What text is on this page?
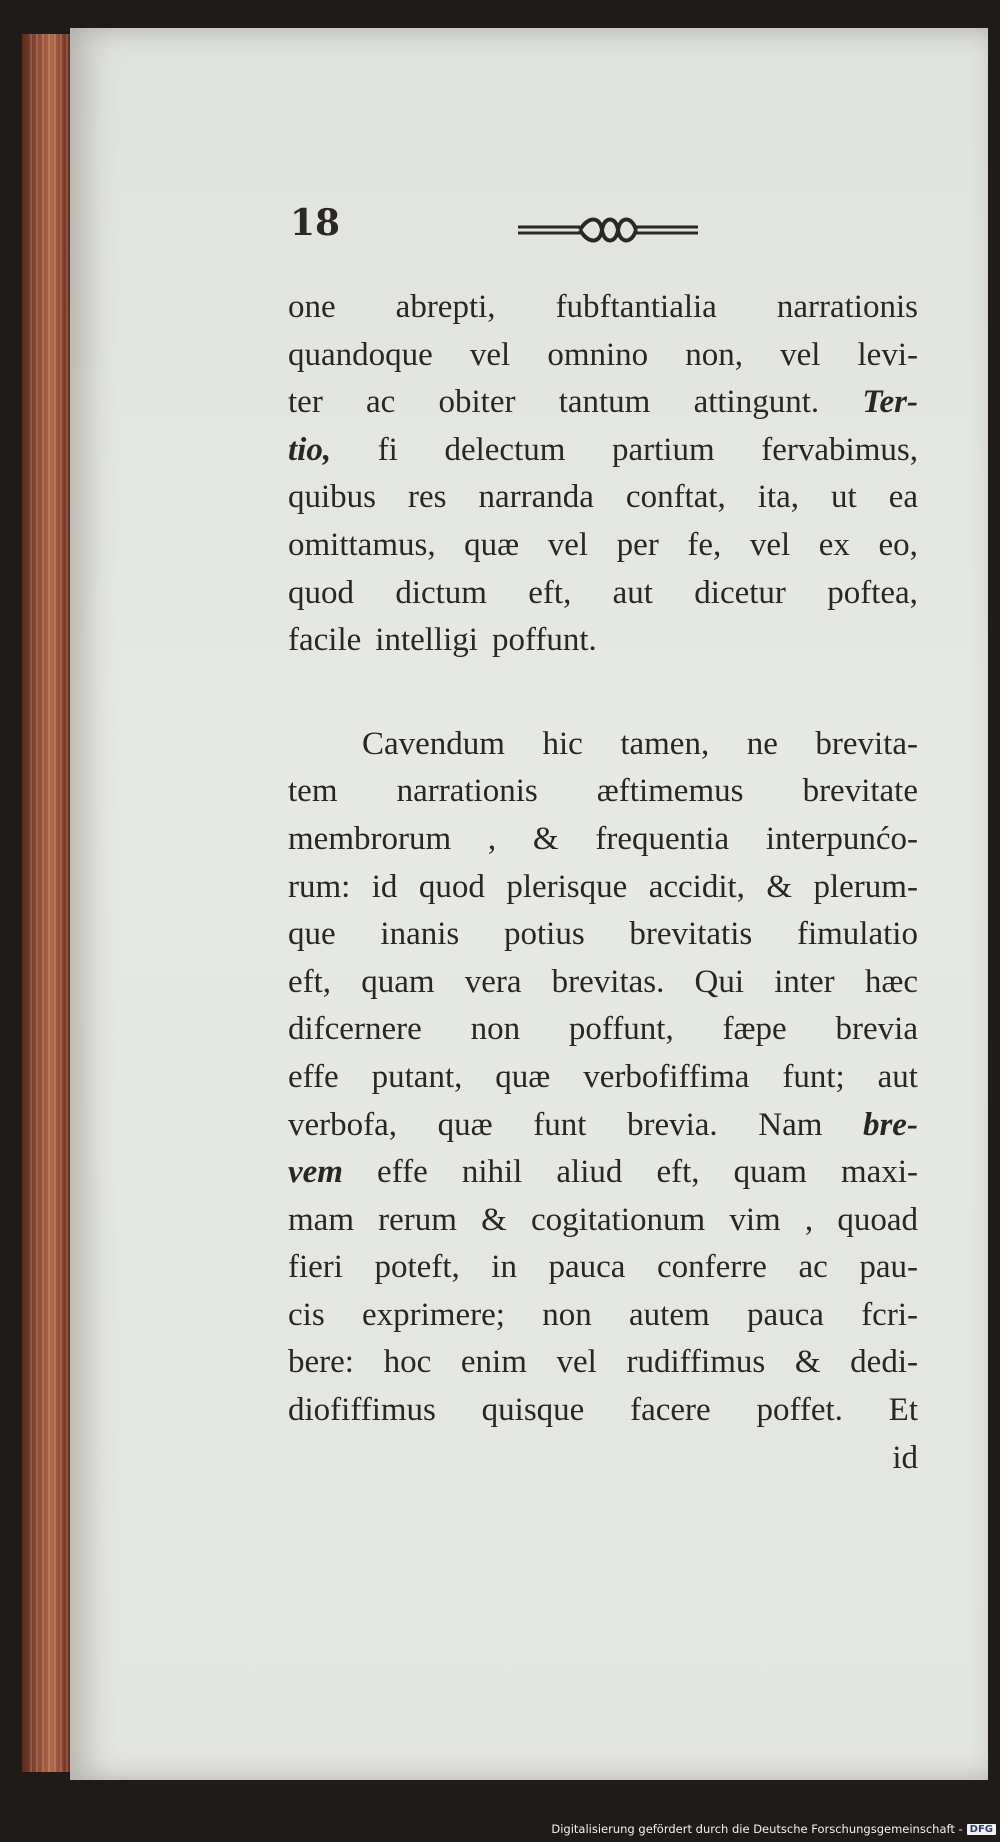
18
one abrepti, fubftantialia narrationis
quandoque vel omnino non, vel levi-
ter ac obiter tantum attingunt. Ter-
tio, fi delectum partium fervabimus,
quibus res narranda conftat, ita, ut ea
omittamus, quæ vel per fe, vel ex eo,
quod dictum eft, aut dicetur poftea,
facile intelligi poffunt.
Cavendum hic tamen, ne brevita-
tem narrationis æftimemus brevitate
membrorum , & frequentia interpunćo-
rum: id quod plerisque accidit, & plerum-
que inanis potius brevitatis fimulatio
eft, quam vera brevitas. Qui inter hæc
difcernere non poffunt, fæpe brevia
effe putant, quæ verbofiffima funt; aut
verbofa, quæ funt brevia. Nam bre-
vem effe nihil aliud eft, quam maxi-
mam rerum & cogitationum vim , quoad
fieri poteft, in pauca conferre ac pau-
cis exprimere; non autem pauca fcri-
bere: hoc enim vel rudiffimus & dedi-
diofiffimus quisque facere poffet. Et
id
Digitalisierung gefördert durch die Deutsche Forschungsgemeinschaft - DFG
